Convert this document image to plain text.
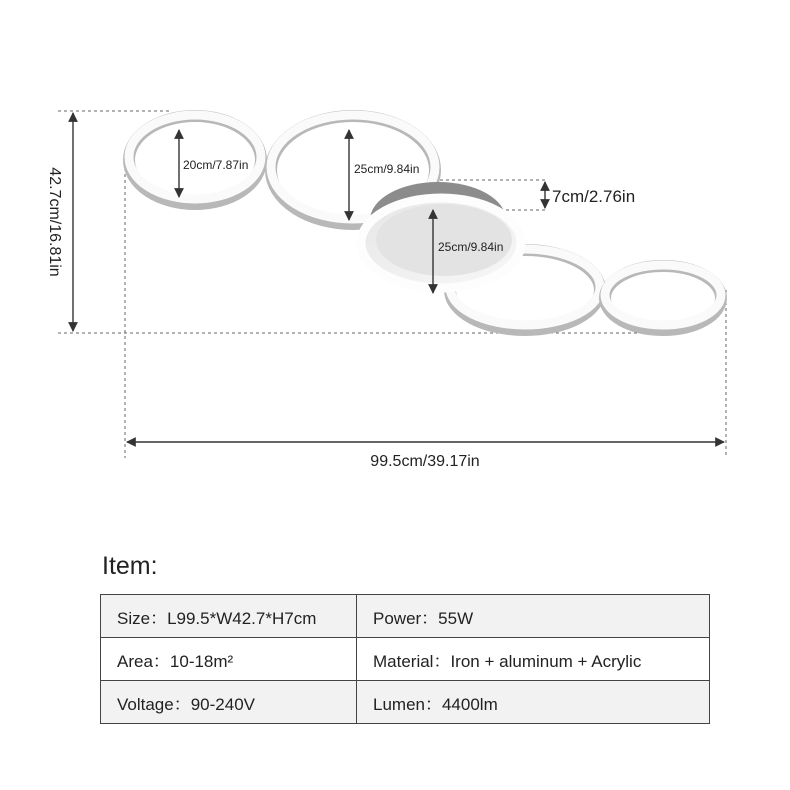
42.7cm/16.81in
99.5cm/39.17in
20cm/7.87in	25cm/9.84in
25cm/9.84in
7cm/2.76in
Item:
Size：L99.5*W42.7*H7cm	Power：55W
Area：10-18m²	Material：Iron + aluminum + Acrylic
Voltage：90-240V	Lumen：4400lm
